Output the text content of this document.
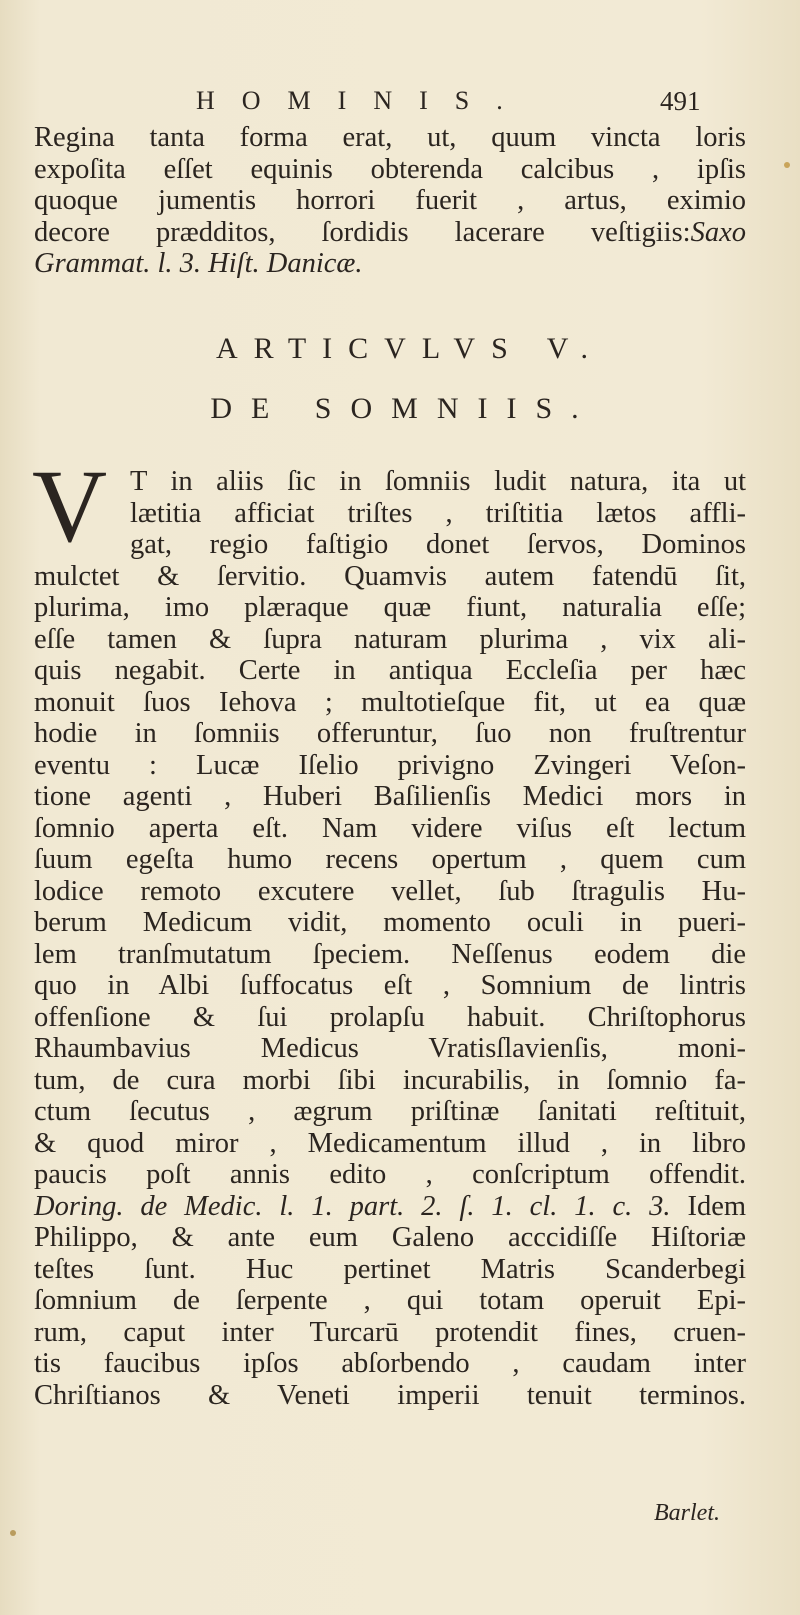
HOMINIS.	491
Regina tanta forma erat, ut, quum vincta loris
expoſita eſſet equinis obterenda calcibus , ipſis
quoque jumentis horrori fuerit , artus, eximio
decore prædditos, ſordidis lacerare veſtigiis:Saxo
Grammat. l. 3. Hiſt. Danicæ.
ARTICVLVS V.
DE SOMNIIS.
V T in aliis ſic in ſomniis ludit natura, ita ut
lætitia afficiat triſtes , triſtitia lætos affli-
gat, regio faſtigio donet ſervos, Dominos
mulctet & ſervitio. Quamvis autem fatendū ſit,
plurima, imo plæraque quæ fiunt, naturalia eſſe;
eſſe tamen & ſupra naturam plurima , vix ali-
quis negabit. Certe in antiqua Eccleſia per hæc
monuit ſuos Iehova ; multotieſque fit, ut ea quæ
hodie in ſomniis offeruntur, ſuo non fruſtrentur
eventu : Lucæ Iſelio privigno Zvingeri Veſon-
tione agenti , Huberi Baſilienſis Medici mors in
ſomnio aperta eſt. Nam videre viſus eſt lectum
ſuum egeſta humo recens opertum , quem cum
lodice remoto excutere vellet, ſub ſtragulis Hu-
berum Medicum vidit, momento oculi in pueri-
lem tranſmutatum ſpeciem. Neſſenus eodem die
quo in Albi ſuffocatus eſt , Somnium de lintris
offenſione & ſui prolapſu habuit. Chriſtophorus
Rhaumbavius Medicus Vratisſlavienſis, moni-
tum, de cura morbi ſibi incurabilis, in ſomnio fa-
ctum ſecutus , ægrum priſtinæ ſanitati reſtituit,
& quod miror , Medicamentum illud , in libro
paucis poſt annis edito , conſcriptum offendit.
Doring. de Medic. l. 1. part. 2. ſ. 1. cl. 1. c. 3. Idem
Philippo, & ante eum Galeno acccidiſſe Hiſtoriæ
teſtes ſunt. Huc pertinet Matris Scanderbegi
ſomnium de ſerpente , qui totam operuit Epi-
rum, caput inter Turcarū protendit fines, cruen-
tis faucibus ipſos abſorbendo , caudam inter
Chriſtianos & Veneti imperii tenuit terminos.
Barlet.
